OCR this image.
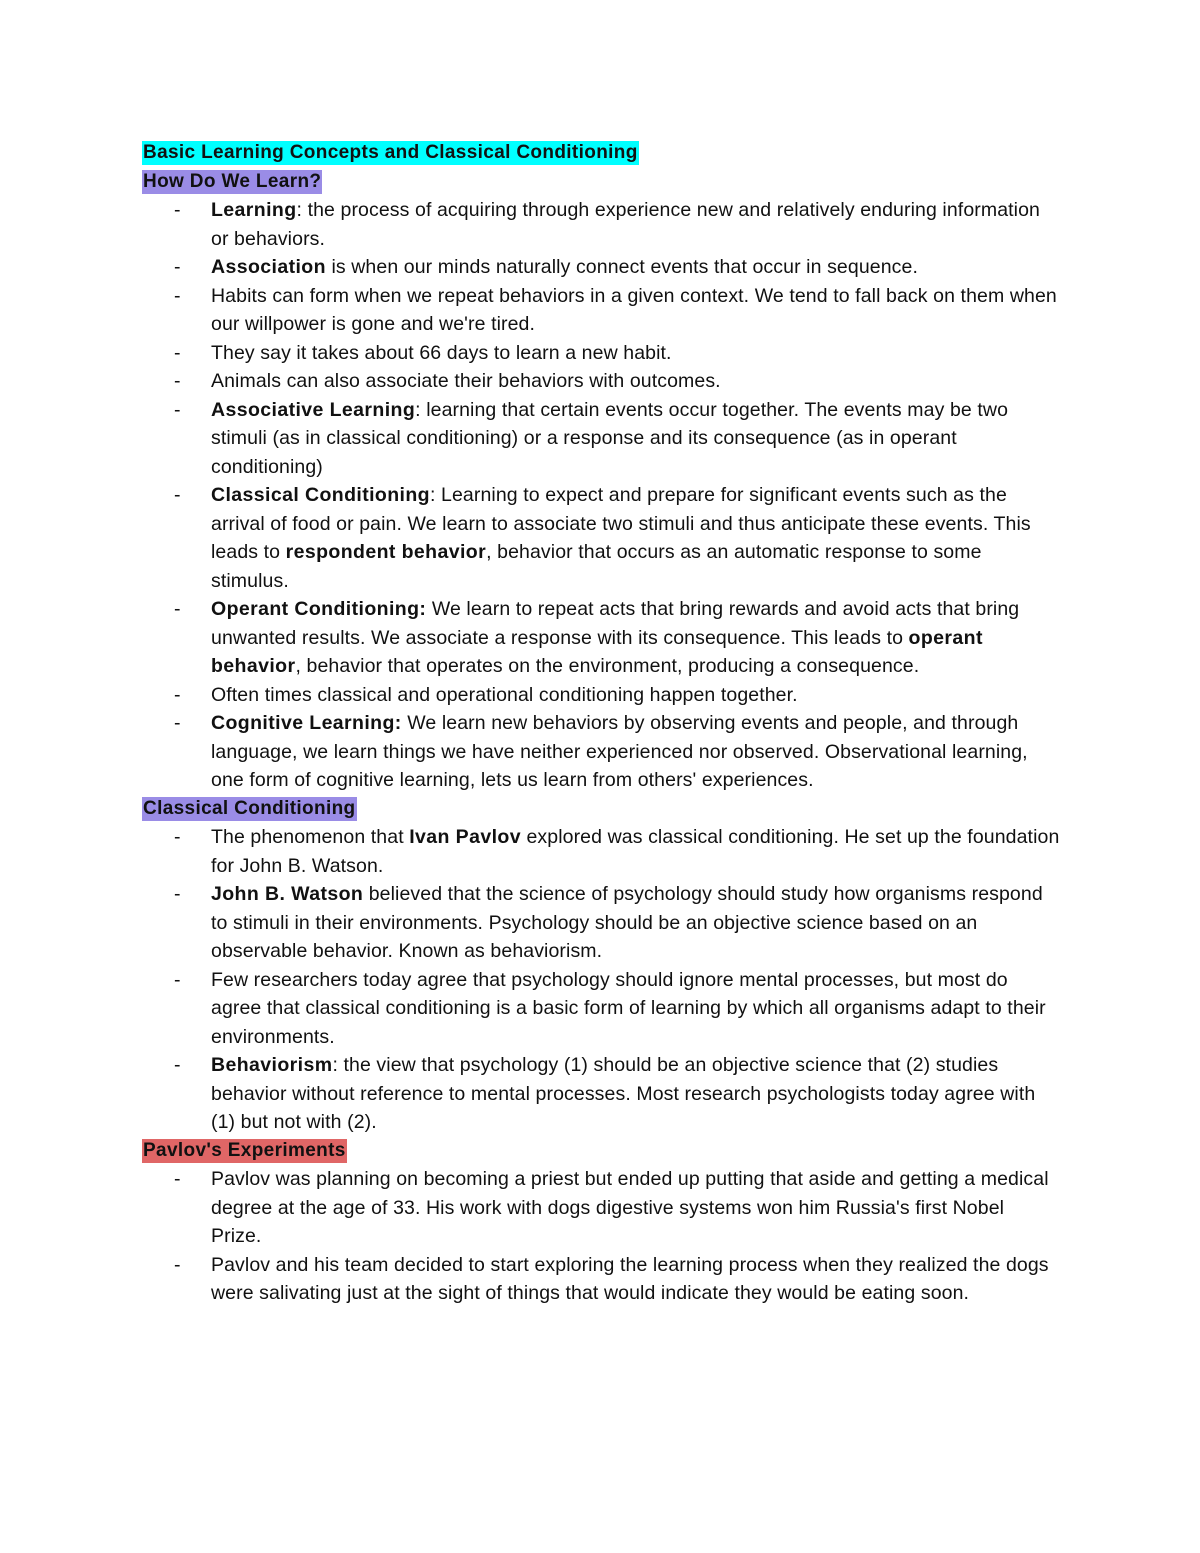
Basic Learning Concepts and Classical Conditioning
How Do We Learn?
- Learning: the process of acquiring through experience new and relatively enduring information or behaviors.
- Association is when our minds naturally connect events that occur in sequence.
- Habits can form when we repeat behaviors in a given context. We tend to fall back on them when our willpower is gone and we're tired.
- They say it takes about 66 days to learn a new habit.
- Animals can also associate their behaviors with outcomes.
- Associative Learning: learning that certain events occur together. The events may be two stimuli (as in classical conditioning) or a response and its consequence (as in operant conditioning)
- Classical Conditioning: Learning to expect and prepare for significant events such as the arrival of food or pain. We learn to associate two stimuli and thus anticipate these events. This leads to respondent behavior, behavior that occurs as an automatic response to some stimulus.
- Operant Conditioning: We learn to repeat acts that bring rewards and avoid acts that bring unwanted results. We associate a response with its consequence. This leads to operant behavior, behavior that operates on the environment, producing a consequence.
- Often times classical and operational conditioning happen together.
- Cognitive Learning: We learn new behaviors by observing events and people, and through language, we learn things we have neither experienced nor observed. Observational learning, one form of cognitive learning, lets us learn from others' experiences.
Classical Conditioning
- The phenomenon that Ivan Pavlov explored was classical conditioning. He set up the foundation for John B. Watson.
- John B. Watson believed that the science of psychology should study how organisms respond to stimuli in their environments. Psychology should be an objective science based on an observable behavior. Known as behaviorism.
- Few researchers today agree that psychology should ignore mental processes, but most do agree that classical conditioning is a basic form of learning by which all organisms adapt to their environments.
- Behaviorism: the view that psychology (1) should be an objective science that (2) studies behavior without reference to mental processes. Most research psychologists today agree with (1) but not with (2).
Pavlov's Experiments
- Pavlov was planning on becoming a priest but ended up putting that aside and getting a medical degree at the age of 33. His work with dogs digestive systems won him Russia's first Nobel Prize.
- Pavlov and his team decided to start exploring the learning process when they realized the dogs were salivating just at the sight of things that would indicate they would be eating soon.
